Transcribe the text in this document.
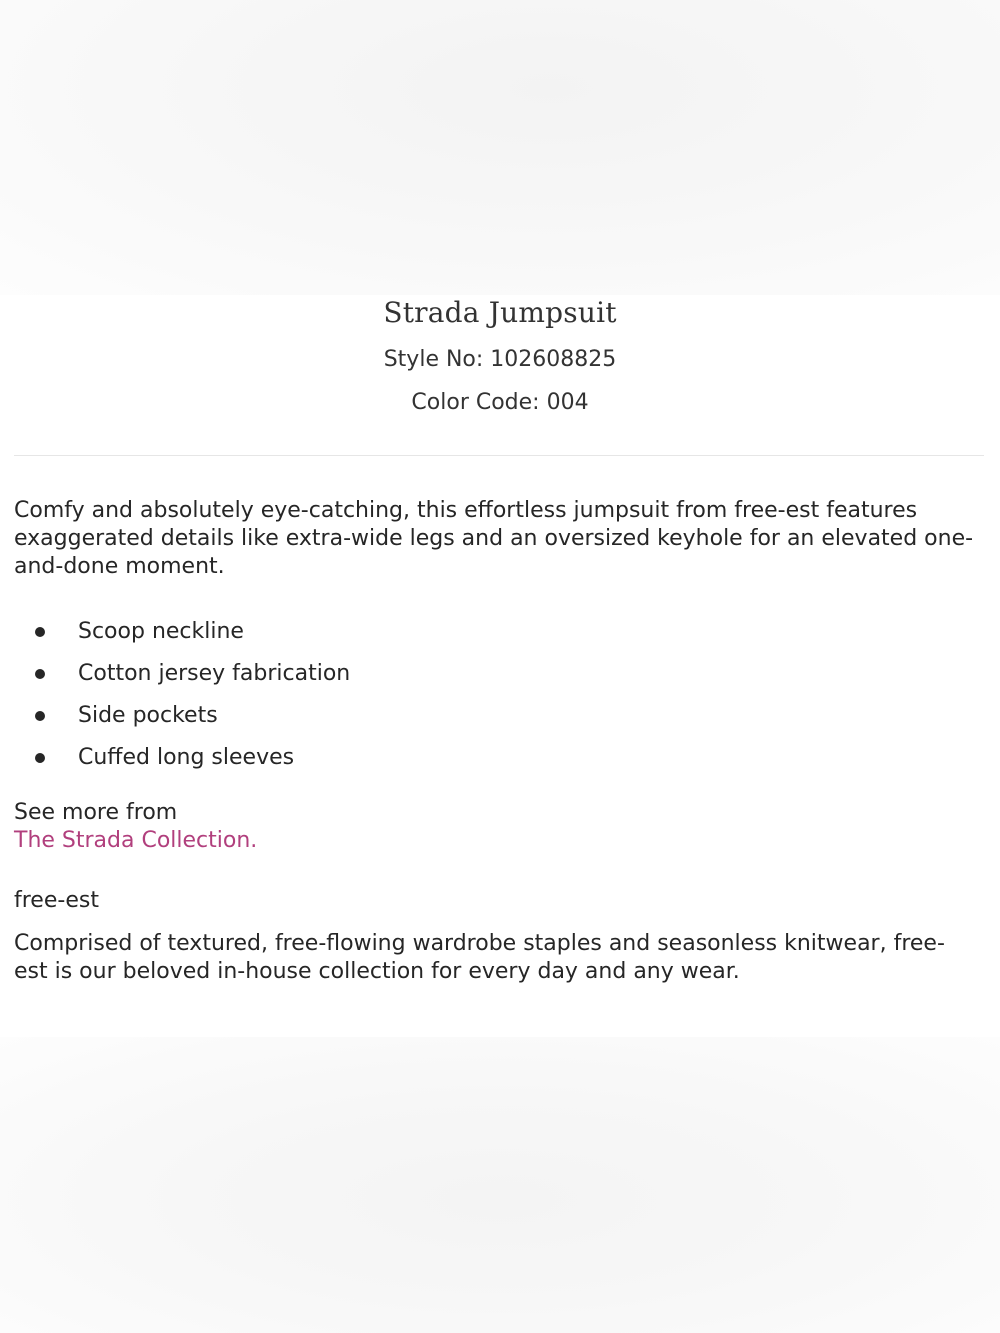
Strada Jumpsuit
Style No: 102608825
Color Code: 004

Comfy and absolutely eye-catching, this effortless jumpsuit from free-est features exaggerated details like extra-wide legs and an oversized keyhole for an elevated one-and-done moment.

Scoop neckline
Cotton jersey fabrication
Side pockets
Cuffed long sleeves
See more from
The Strada Collection.
free-est
Comprised of textured, free-flowing wardrobe staples and seasonless knitwear, free-est is our beloved in-house collection for every day and any wear.
